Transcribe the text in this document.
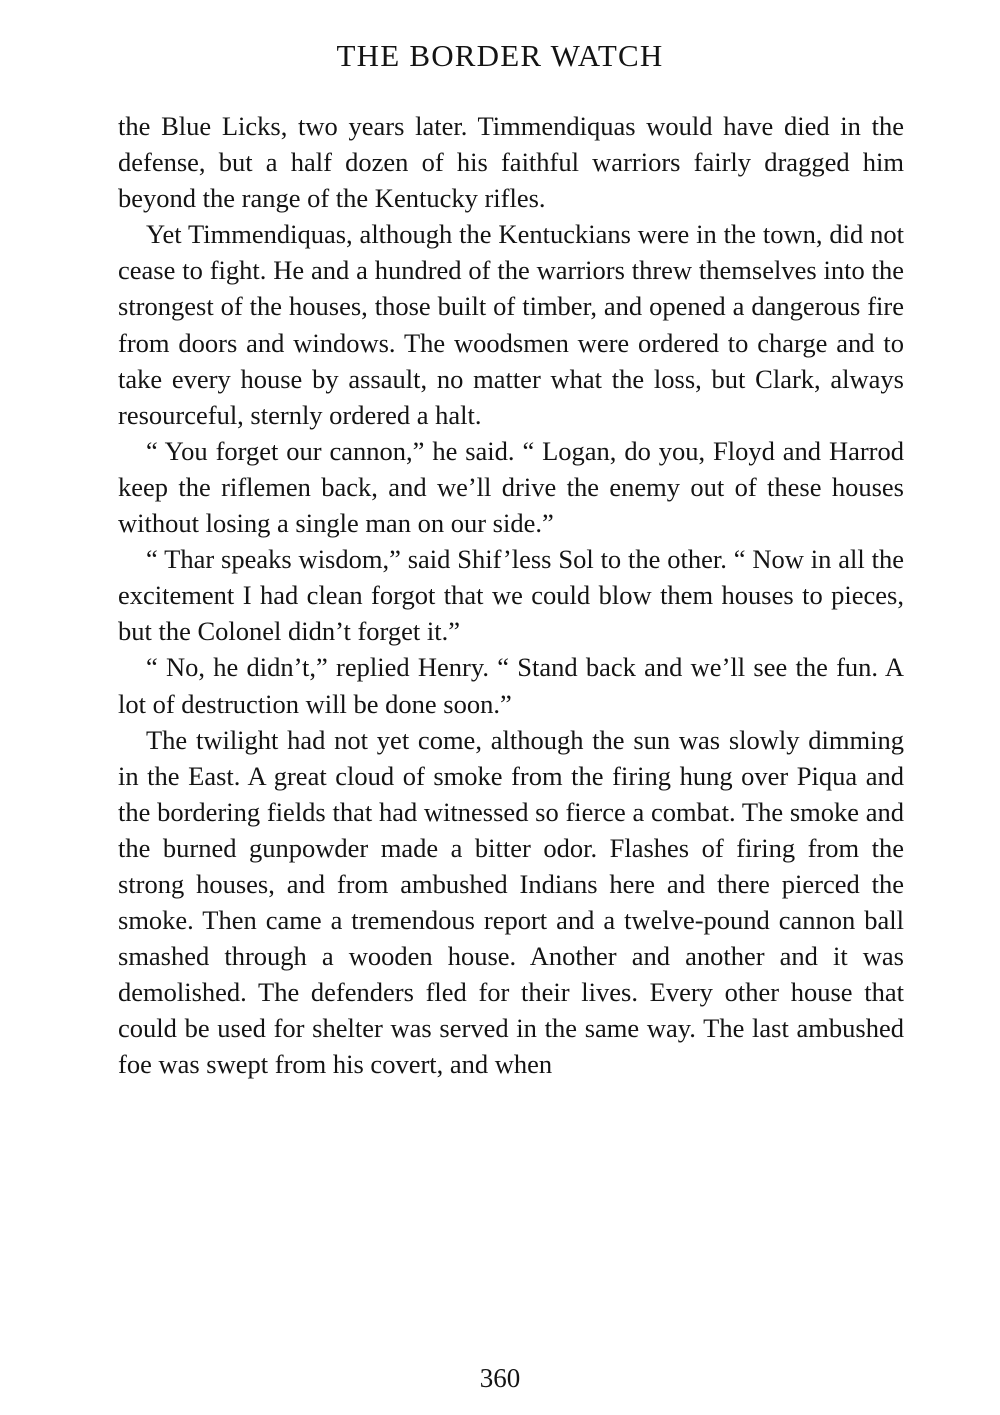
THE BORDER WATCH

the Blue Licks, two years later. Timmendiquas would have died in the defense, but a half dozen of his faithful warriors fairly dragged him beyond the range of the Kentucky rifles.

Yet Timmendiquas, although the Kentuckians were in the town, did not cease to fight. He and a hundred of the warriors threw themselves into the strongest of the houses, those built of timber, and opened a dangerous fire from doors and windows. The woodsmen were ordered to charge and to take every house by assault, no matter what the loss, but Clark, always resourceful, sternly ordered a halt.

“ You forget our cannon,” he said. “ Logan, do you, Floyd and Harrod keep the riflemen back, and we’ll drive the enemy out of these houses without losing a single man on our side.”

“ Thar speaks wisdom,” said Shif’less Sol to the other. “ Now in all the excitement I had clean forgot that we could blow them houses to pieces, but the Colonel didn’t forget it.”

“ No, he didn’t,” replied Henry. “ Stand back and we’ll see the fun. A lot of destruction will be done soon.”

The twilight had not yet come, although the sun was slowly dimming in the East. A great cloud of smoke from the firing hung over Piqua and the bordering fields that had witnessed so fierce a combat. The smoke and the burned gunpowder made a bitter odor. Flashes of firing from the strong houses, and from ambushed Indians here and there pierced the smoke. Then came a tremendous report and a twelve-pound cannon ball smashed through a wooden house. Another and another and it was demolished. The defenders fled for their lives. Every other house that could be used for shelter was served in the same way. The last ambushed foe was swept from his covert, and when

360
